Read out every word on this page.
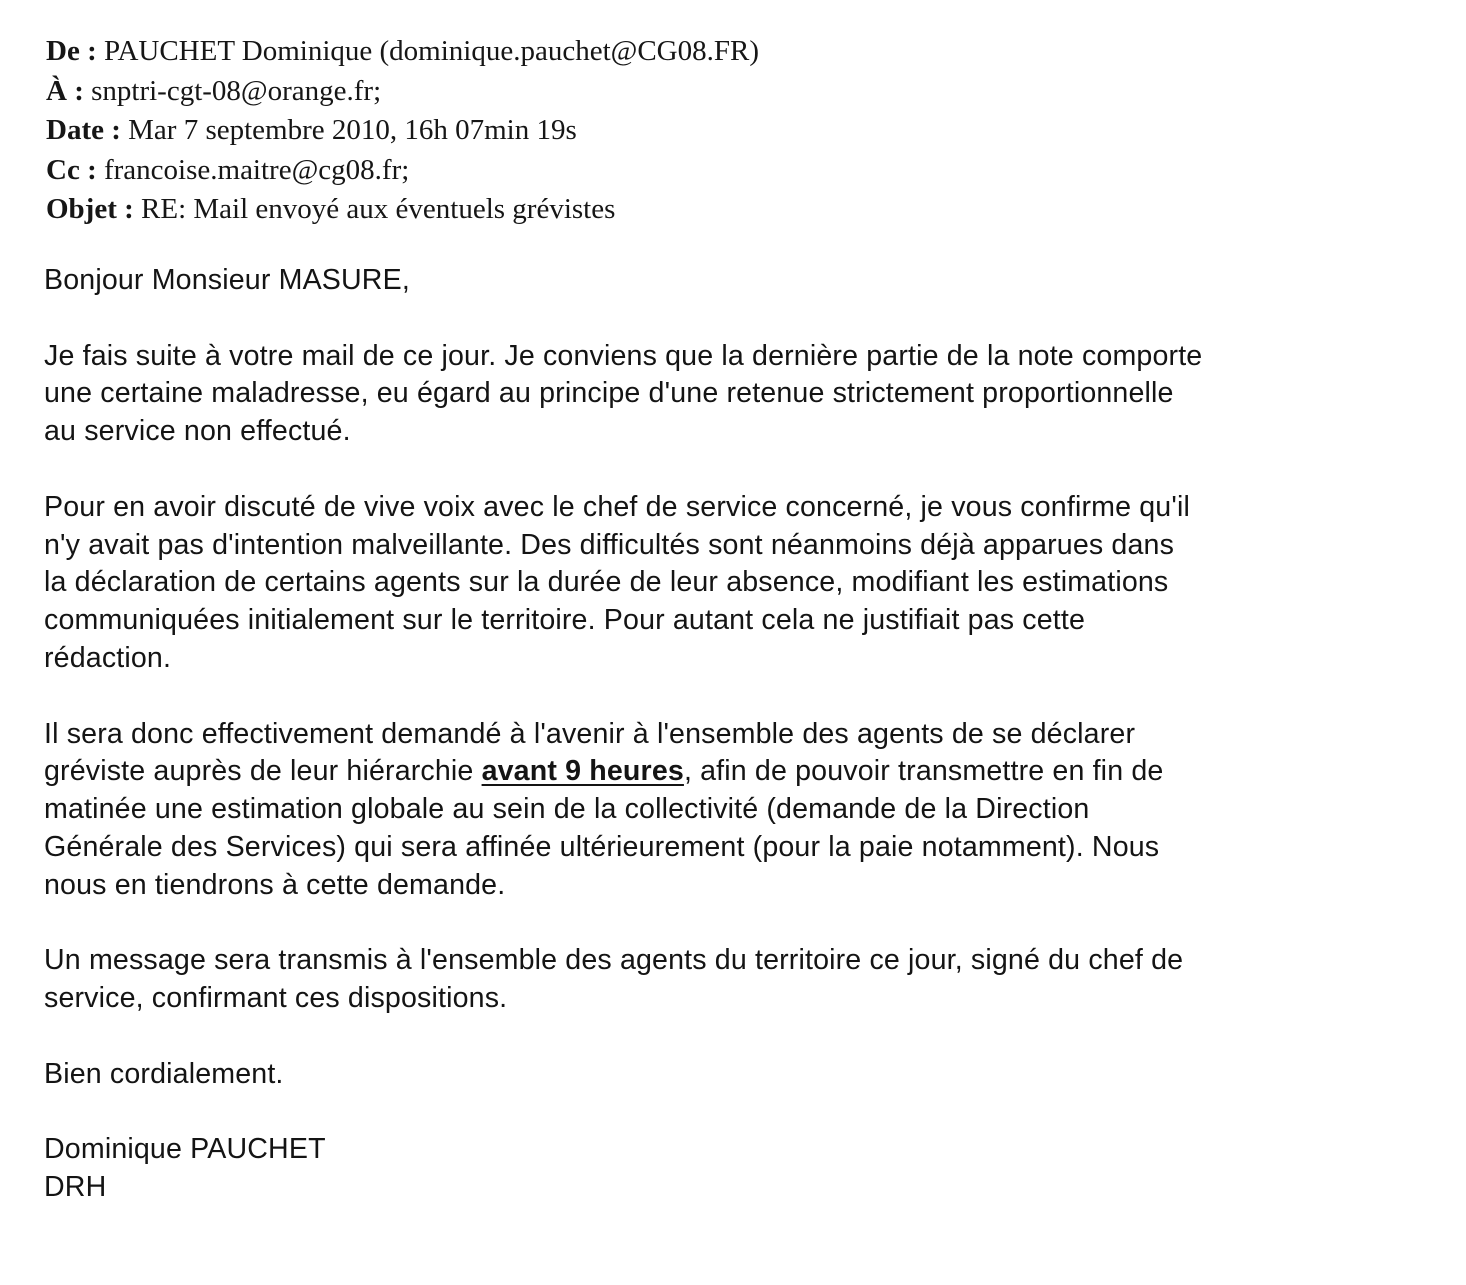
De : PAUCHET Dominique (dominique.pauchet@CG08.FR)
À : snptri-cgt-08@orange.fr;
Date : Mar 7 septembre 2010, 16h 07min 19s
Cc : francoise.maitre@cg08.fr;
Objet : RE: Mail envoyé aux éventuels grévistes

Bonjour Monsieur MASURE,

Je fais suite à votre mail de ce jour. Je conviens que la dernière partie de la note comporte
une certaine maladresse, eu égard au principe d'une retenue strictement proportionnelle
au service non effectué.

Pour en avoir discuté de vive voix avec le chef de service concerné, je vous confirme qu'il
n'y avait pas d'intention malveillante. Des difficultés sont néanmoins déjà apparues dans
la déclaration de certains agents sur la durée de leur absence, modifiant les estimations
communiquées initialement sur le territoire. Pour autant cela ne justifiait pas cette
rédaction.

Il sera donc effectivement demandé à l'avenir à l'ensemble des agents de se déclarer
gréviste auprès de leur hiérarchie avant 9 heures, afin de pouvoir transmettre en fin de
matinée une estimation globale au sein de la collectivité (demande de la Direction
Générale des Services) qui sera affinée ultérieurement (pour la paie notamment). Nous
nous en tiendrons à cette demande.

Un message sera transmis à l'ensemble des agents du territoire ce jour, signé du chef de
service, confirmant ces dispositions.

Bien cordialement.

Dominique PAUCHET
DRH
